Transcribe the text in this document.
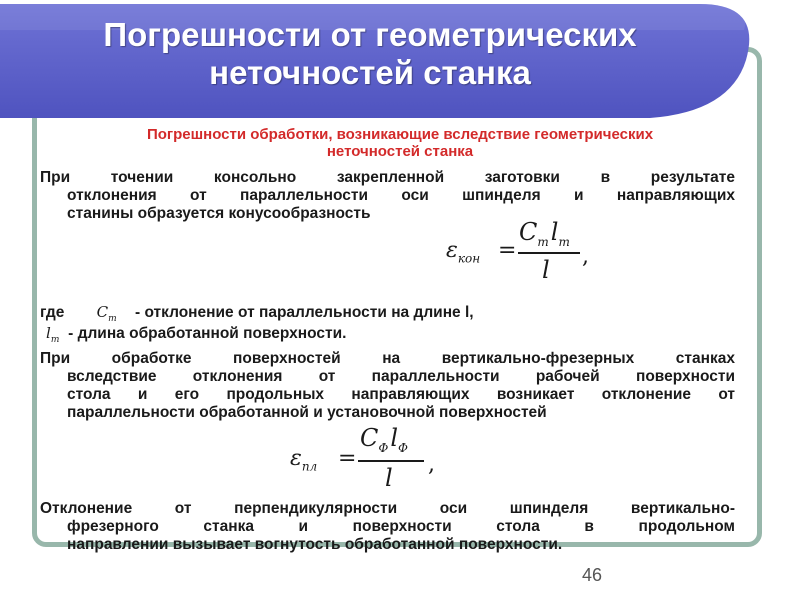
Погрешности от геометрических
неточностей станка
Погрешности обработки, возникающие вследствие геометрических
неточностей станка
При точении консольно закрепленной заготовки в результате
отклонения от параллельности оси шпинделя и направляющих
станины образуется конусообразность
$\varepsilon_{кон}$ =
$C_тl_т$
l ,
где $C_т$ - отклонение от параллельности на длине l,
$l_т$ - длина обработанной поверхности.
При обработке поверхностей на вертикально-фрезерных станках
вследствие отклонения от параллельности рабочей поверхности
стола и его продольных направляющих возникает отклонение от
параллельности обработанной и установочной поверхностей
$\varepsilon_{пл}$ =
$C_Фl_Ф$
l ,
Отклонение от перпендикулярности оси шпинделя вертикально-
фрезерного станка и поверхности стола в продольном
направлении вызывает вогнутость обработанной поверхности.
46
